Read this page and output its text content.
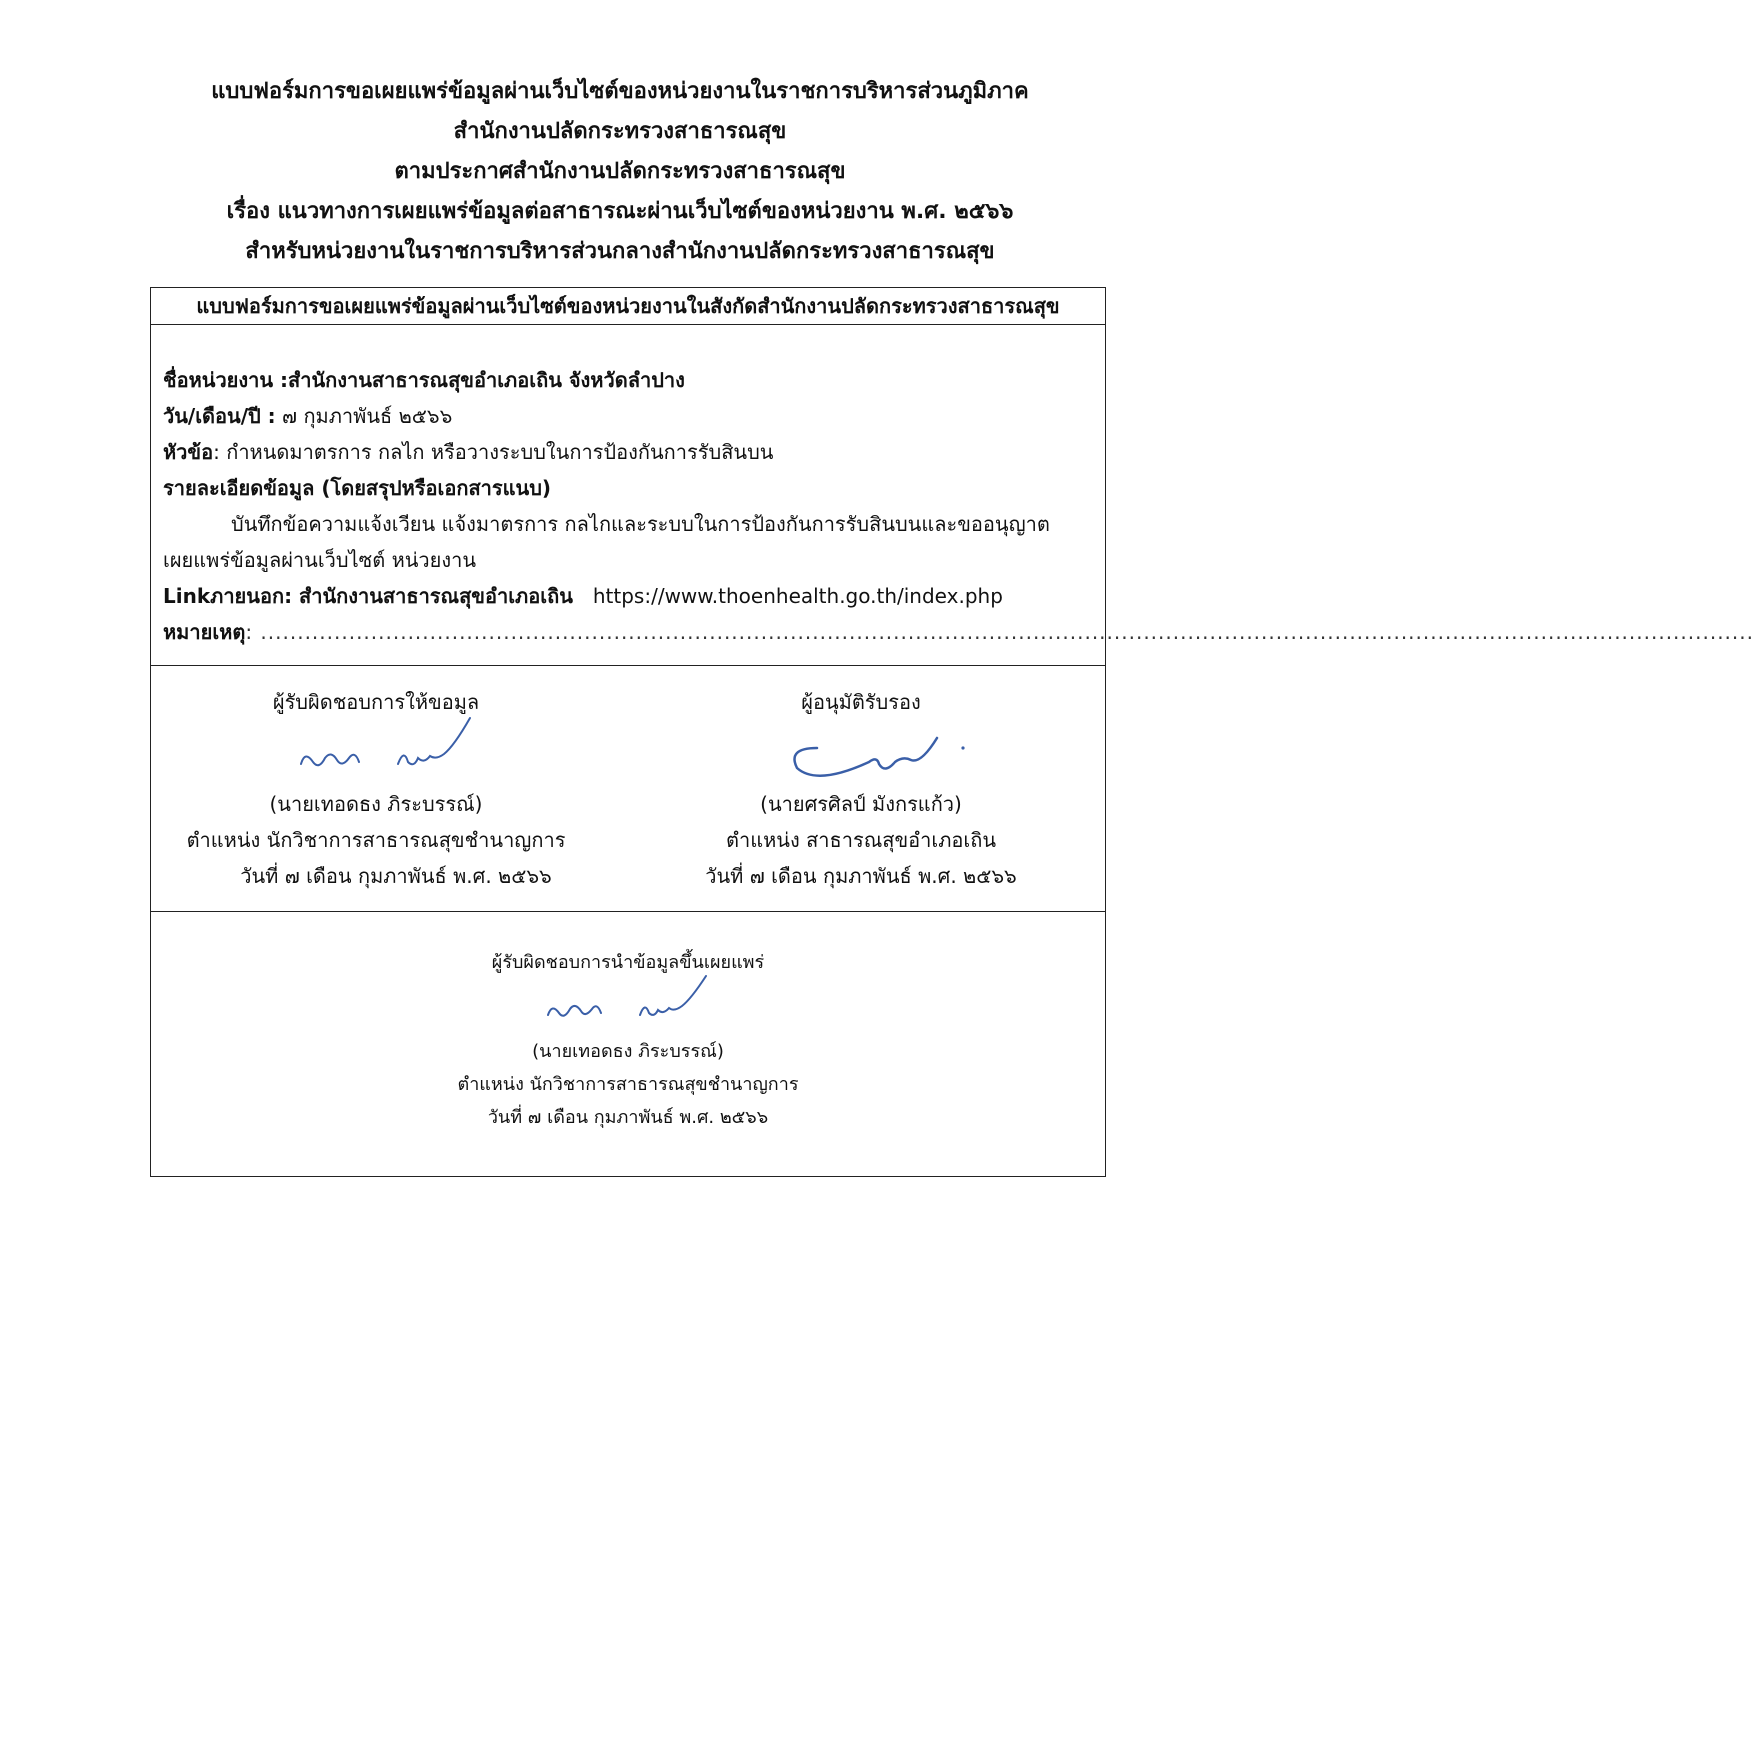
แบบฟอร์มการขอเผยแพร่ข้อมูลผ่านเว็บไซต์ของหน่วยงานในราชการบริหารส่วนภูมิภาค
สำนักงานปลัดกระทรวงสาธารณสุข
ตามประกาศสำนักงานปลัดกระทรวงสาธารณสุข
เรื่อง แนวทางการเผยแพร่ข้อมูลต่อสาธารณะผ่านเว็บไซต์ของหน่วยงาน พ.ศ. ๒๕๖๖
สำหรับหน่วยงานในราชการบริหารส่วนกลางสำนักงานปลัดกระทรวงสาธารณสุข
แบบฟอร์มการขอเผยแพร่ข้อมูลผ่านเว็บไซต์ของหน่วยงานในสังกัดสำนักงานปลัดกระทรวงสาธารณสุข
ชื่อหน่วยงาน :สำนักงานสาธารณสุขอำเภอเถิน จังหวัดลำปาง
วัน/เดือน/ปี : ๗ กุมภาพันธ์ ๒๕๖๖
หัวข้อ: กำหนดมาตรการ กลไก หรือวางระบบในการป้องกันการรับสินบน
รายละเอียดข้อมูล (โดยสรุปหรือเอกสารแนบ)
บันทึกข้อความแจ้งเวียน แจ้งมาตรการ กลไกและระบบในการป้องกันการรับสินบนและขออนุญาต
เผยแพร่ข้อมูลผ่านเว็บไซต์ หน่วยงาน
Linkภายนอก: สำนักงานสาธารณสุขอำเภอเถิน https://www.thoenhealth.go.th/index.php
หมายเหตุ: ...........................................................................................................................................................................................................
ผู้รับผิดชอบการให้ขอมูล
(นายเทอดธง ภิระบรรณ์)
ตำแหน่ง นักวิชาการสาธารณสุขชำนาญการ
วันที่ ๗ เดือน กุมภาพันธ์ พ.ศ. ๒๕๖๖
ผู้อนุมัติรับรอง
(นายศรศิลป์ มังกรแก้ว)
ตำแหน่ง สาธารณสุขอำเภอเถิน
วันที่ ๗ เดือน กุมภาพันธ์ พ.ศ. ๒๕๖๖
ผู้รับผิดชอบการนำข้อมูลขึ้นเผยแพร่
(นายเทอดธง ภิระบรรณ์)
ตำแหน่ง นักวิชาการสาธารณสุขชำนาญการ
วันที่ ๗ เดือน กุมภาพันธ์ พ.ศ. ๒๕๖๖
